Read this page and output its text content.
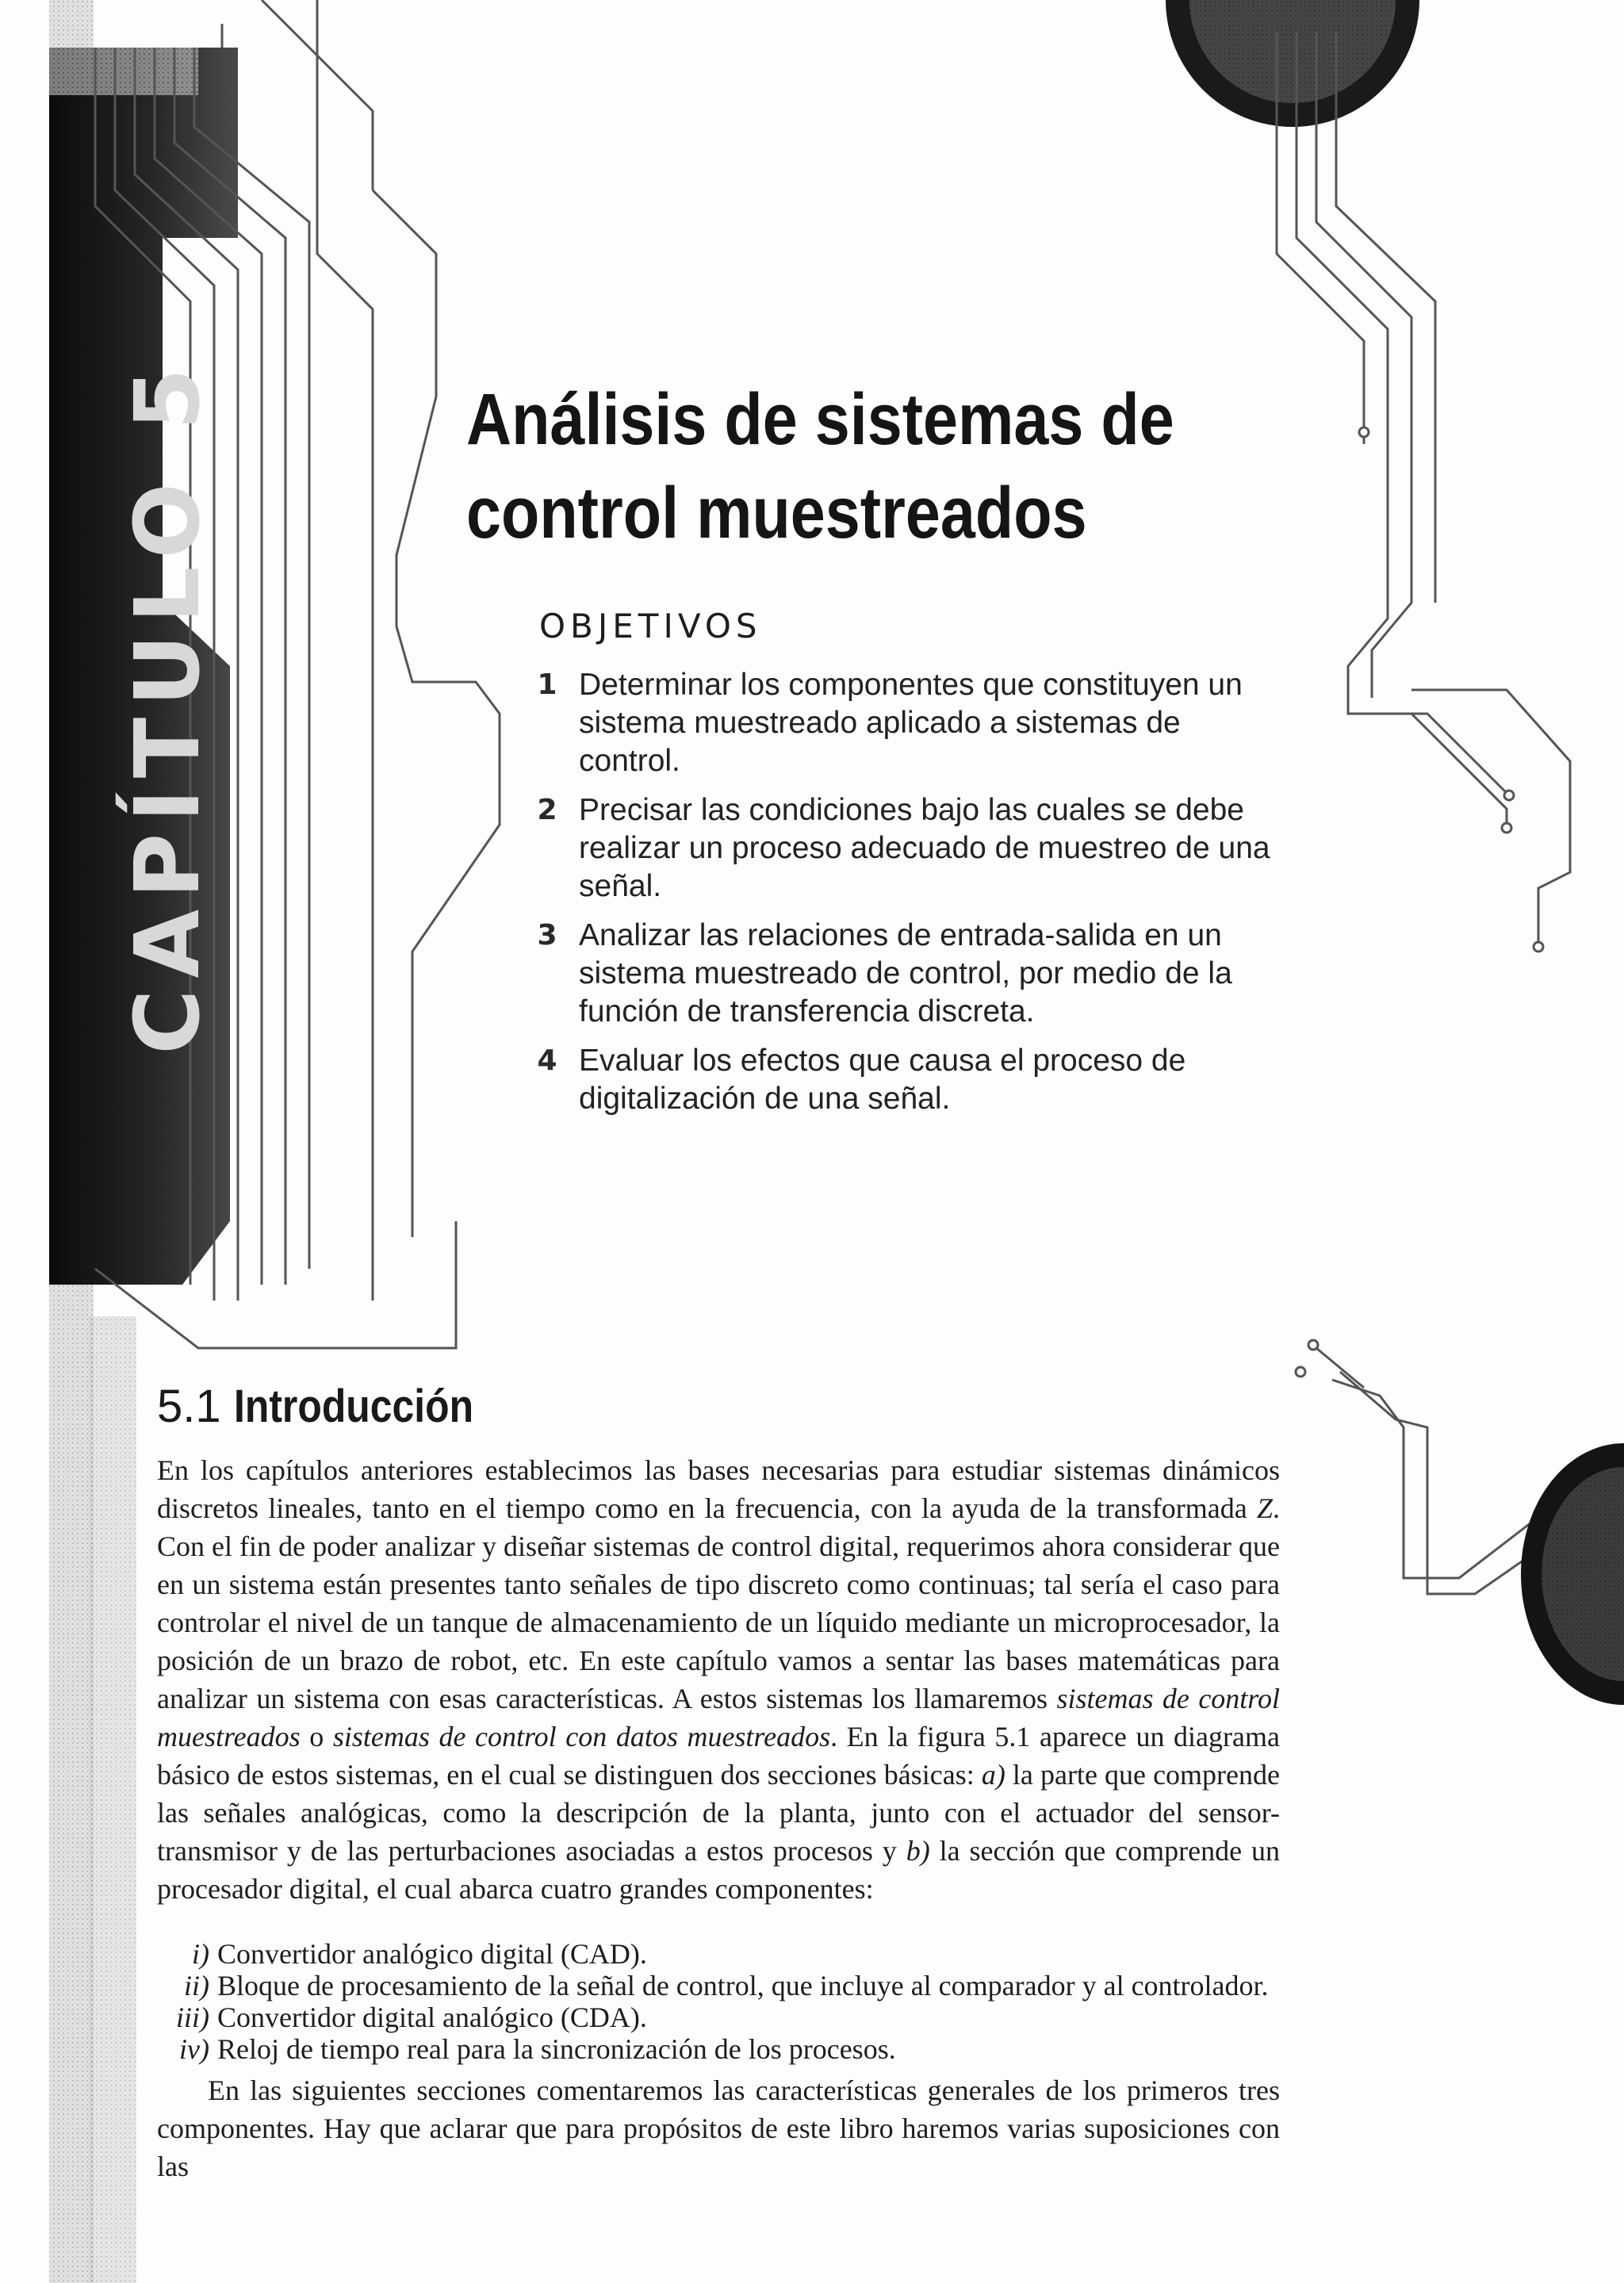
CAPÍTULO 5	Análisis de sistemas de
control muestreados
OBJETIVOS
1 Determinar los componentes que constituyen un sistema muestreado aplicado a sistemas de control.
2 Precisar las condiciones bajo las cuales se debe realizar un proceso adecuado de muestreo de una señal.
3 Analizar las relaciones de entrada-salida en un sistema muestreado de control, por medio de la función de transferencia discreta.
4 Evaluar los efectos que causa el proceso de digitalización de una señal.
5.1 Introducción

En los capítulos anteriores establecimos las bases necesarias para estudiar sistemas dinámicos discretos lineales, tanto en el tiempo como en la frecuencia, con la ayuda de la transformada Z. Con el fin de poder analizar y diseñar sistemas de control digital, requerimos ahora considerar que en un sistema están presentes tanto señales de tipo discreto como continuas; tal sería el caso para controlar el nivel de un tanque de almacenamiento de un líquido mediante un microprocesador, la posición de un brazo de robot, etc. En este capítulo vamos a sentar las bases matemáticas para analizar un sistema con esas características. A estos sistemas los llamaremos sistemas de control muestreados o sistemas de control con datos muestreados. En la figura 5.1 aparece un diagrama básico de estos sistemas, en el cual se distinguen dos secciones básicas: a) la parte que comprende las señales analógicas, como la descripción de la planta, junto con el actuador del sensor-transmisor y de las perturbaciones asociadas a estos procesos y b) la sección que comprende un procesador digital, el cual abarca cuatro grandes componentes:

i) Convertidor analógico digital (CAD).
ii) Bloque de procesamiento de la señal de control, que incluye al comparador y al controlador.
iii) Convertidor digital analógico (CDA).
iv) Reloj de tiempo real para la sincronización de los procesos.

En las siguientes secciones comentaremos las características generales de los primeros tres componentes. Hay que aclarar que para propósitos de este libro haremos varias suposiciones con las
